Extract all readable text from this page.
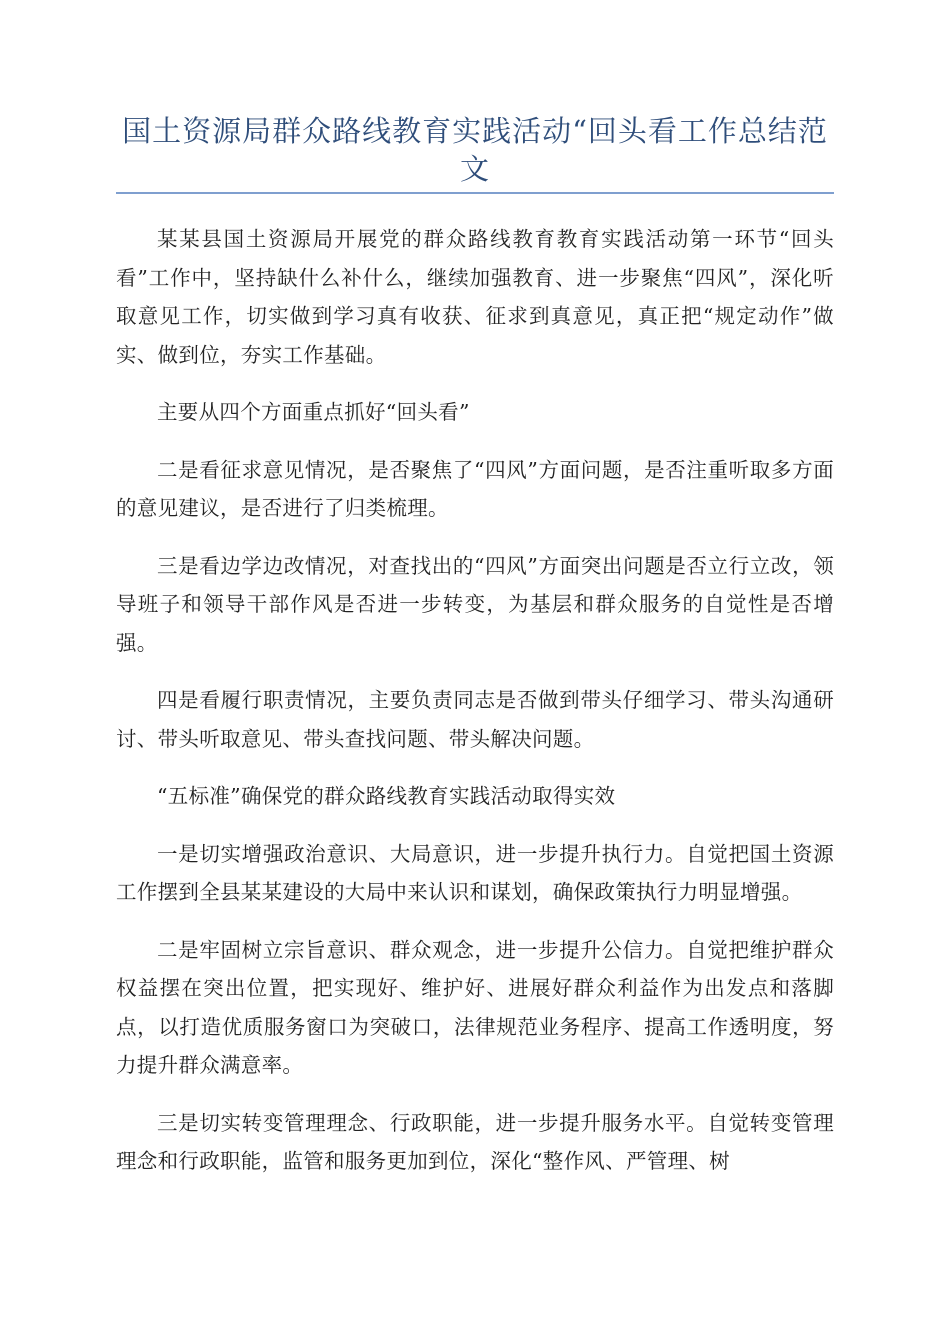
国土资源局群众路线教育实践活动“回头看工作总结范文

某某县国土资源局开展党的群众路线教育教育实践活动第一环节“回头看”工作中，坚持缺什么补什么，继续加强教育、进一步聚焦“四风”，深化听取意见工作，切实做到学习真有收获、征求到真意见，真正把“规定动作”做实、做到位，夯实工作基础。

主要从四个方面重点抓好“回头看”

二是看征求意见情况，是否聚焦了“四风”方面问题，是否注重听取多方面的意见建议，是否进行了归类梳理。

三是看边学边改情况，对查找出的“四风”方面突出问题是否立行立改，领导班子和领导干部作风是否进一步转变，为基层和群众服务的自觉性是否增强。

四是看履行职责情况，主要负责同志是否做到带头仔细学习、带头沟通研讨、带头听取意见、带头查找问题、带头解决问题。

“五标准”确保党的群众路线教育实践活动取得实效

一是切实增强政治意识、大局意识，进一步提升执行力。自觉把国土资源工作摆到全县某某建设的大局中来认识和谋划，确保政策执行力明显增强。

二是牢固树立宗旨意识、群众观念，进一步提升公信力。自觉把维护群众权益摆在突出位置，把实现好、维护好、进展好群众利益作为出发点和落脚点，以打造优质服务窗口为突破口，法律规范业务程序、提高工作透明度，努力提升群众满意率。

三是切实转变管理理念、行政职能，进一步提升服务水平。自觉转变管理理念和行政职能，监管和服务更加到位，深化“整作风、严管理、树
